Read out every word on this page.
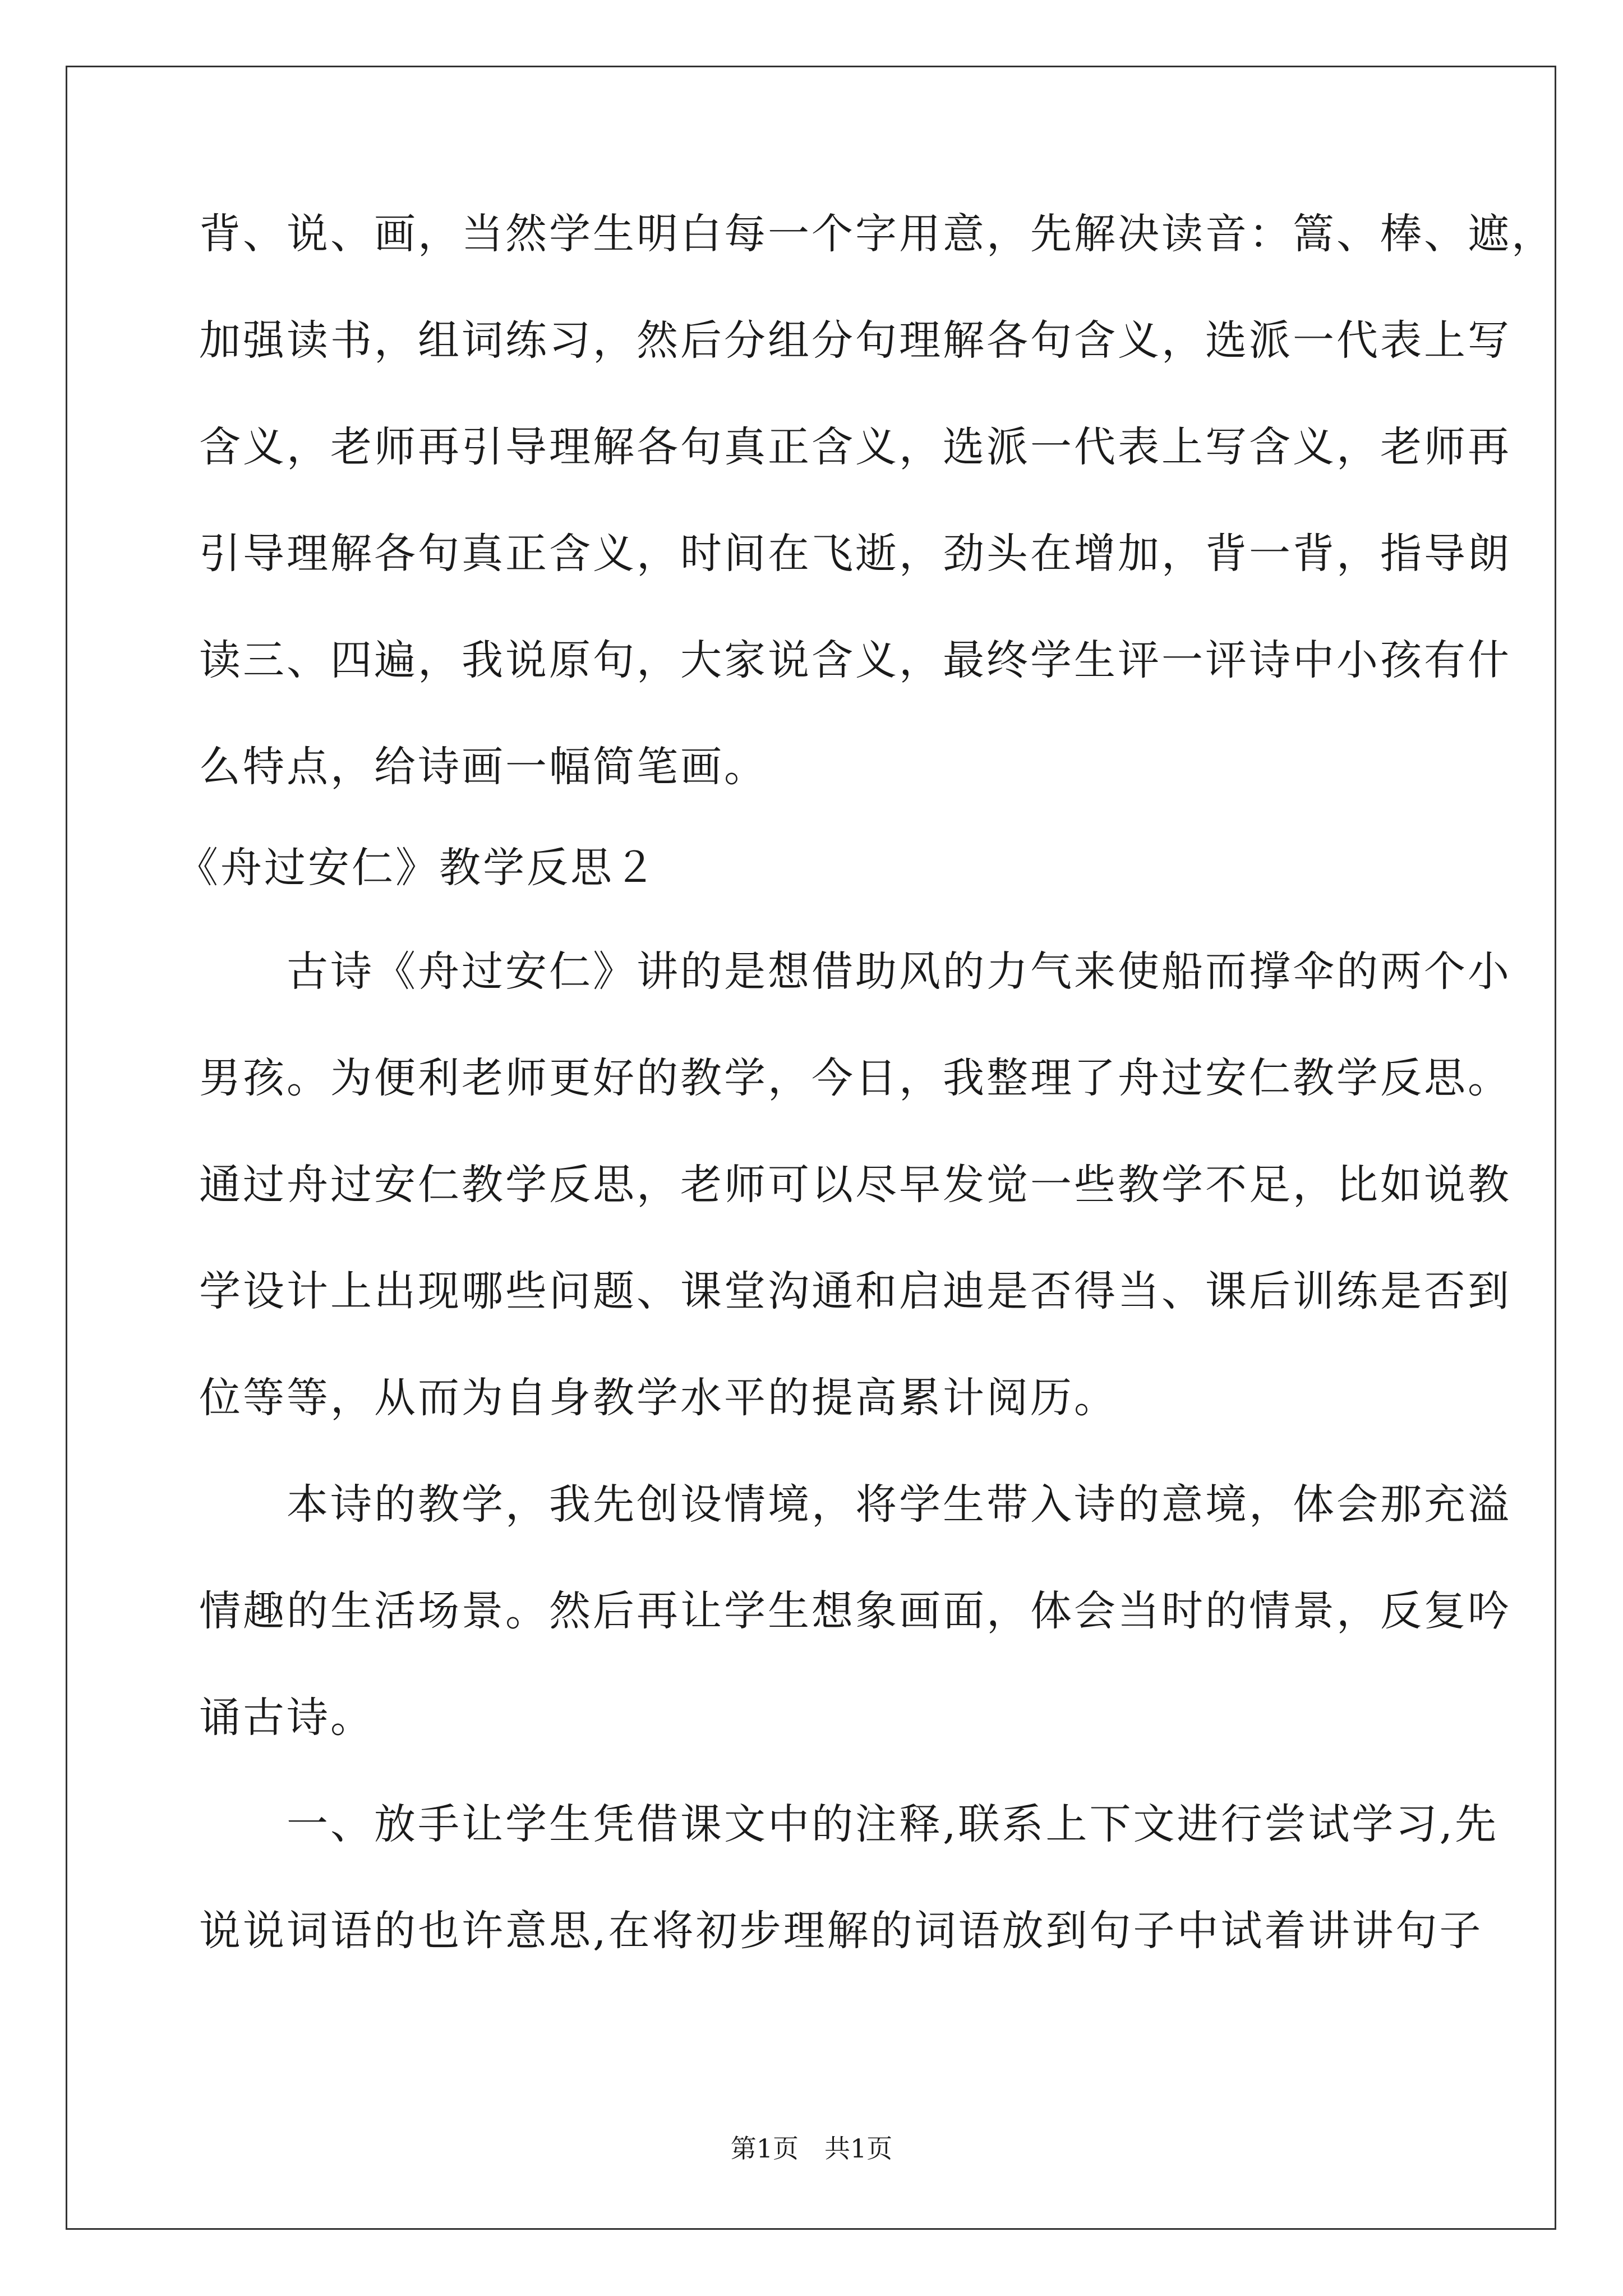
背、说、画，当然学生明白每一个字用意，先解决读音：篙、棒、遮，
加强读书，组词练习，然后分组分句理解各句含义，选派一代表上写
含义，老师再引导理解各句真正含义，选派一代表上写含义，老师再
引导理解各句真正含义，时间在飞逝，劲头在增加，背一背，指导朗
读三、四遍，我说原句，大家说含义，最终学生评一评诗中小孩有什
么特点，给诗画一幅简笔画。
《舟过安仁》教学反思２
　　古诗《舟过安仁》讲的是想借助风的力气来使船而撑伞的两个小
男孩。为便利老师更好的教学，今日，我整理了舟过安仁教学反思。
通过舟过安仁教学反思，老师可以尽早发觉一些教学不足，比如说教
学设计上出现哪些问题、课堂沟通和启迪是否得当、课后训练是否到
位等等，从而为自身教学水平的提高累计阅历。
　　本诗的教学，我先创设情境，将学生带入诗的意境，体会那充溢
情趣的生活场景。然后再让学生想象画面，体会当时的情景，反复吟
诵古诗。
　　一、放手让学生凭借课文中的注释,联系上下文进行尝试学习,先
说说词语的也许意思,在将初步理解的词语放到句子中试着讲讲句子
第1页　共1页
